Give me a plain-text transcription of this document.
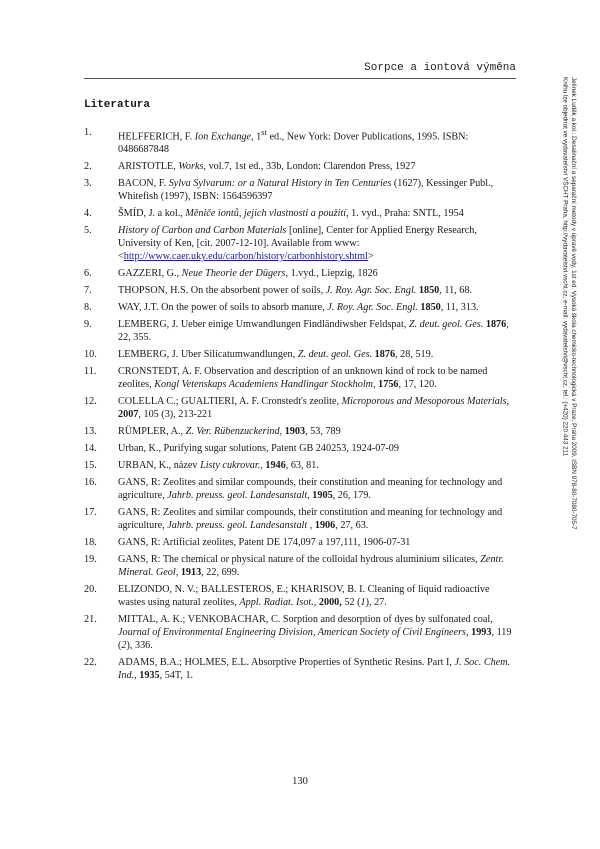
Sorpce a iontová výměna
Literatura
1.	HELFFERICH, F. Ion Exchange, 1st ed., New York: Dover Publications, 1995. ISBN: 0486687848
2.	ARISTOTLE, Works, vol.7, 1st ed., 33b, London: Clarendon Press, 1927
3.	BACON, F. Sylva Sylvarum: or a Natural History in Ten Centuries (1627), Kessinger Publ., Whitefish (1997), ISBN: 1564596397
4.	ŠMÍD, J. a kol., Měniče iontů, jejich vlastnosti a použití, 1. vyd., Praha: SNTL, 1954
5.	History of Carbon and Carbon Materials [online], Center for Applied Energy Research, University of Ken, [cit. 2007-12-10]. Available from www: <http://www.caer.uky.edu/carbon/history/carbonhistory.shtml>
6.	GAZZERI, G., Neue Theorie der Dügers, 1.vyd., Liepzig, 1826
7.	THOPSON, H.S. On the absorbent power of soils, J. Roy. Agr. Soc. Engl. 1850, 11, 68.
8.	WAY, J.T. On the power of soils to absorb manure, J. Roy. Agr. Soc. Engl. 1850, 11, 313.
9.	LEMBERG, J. Ueber einige Umwandlungen Findländiwsher Feldspat, Z. deut. geol. Ges. 1876, 22, 355.
10. LEMBERG, J. Uber Silicatumwandlungen, Z. deut. geol. Ges. 1876, 28, 519.
11. CRONSTEDT, A. F. Observation and description of an unknown kind of rock to be named zeolites, Kongl Vetenskaps Academiens Handlingar Stockholm, 1756, 17, 120.
12. COLELLA C.; GUALTIERI, A. F. Cronstedt's zeolite, Microporous and Mesoporous Materials, 2007, 105 (3), 213-221
13. RÜMPLER, A., Z. Ver. Rübenzuckerind, 1903, 53, 789
14. Urban, K., Purifying sugar solutions, Patent GB 240253, 1924-07-09
15. URBAN, K., název Listy cukrovar., 1946, 63, 81.
16. GANS, R: Zeolites and similar compounds, their constitution and meaning for technology and agriculture, Jahrb. preuss. geol. Landesanstalt, 1905, 26, 179.
17. GANS, R: Zeolites and similar compounds, their constitution and meaning for technology and agriculture, Jahrb. preuss. geol. Landesanstalt , 1906, 27, 63.
18. GANS, R: Artificial zeolites, Patent DE 174,097 a 197,111, 1906-07-31
19. GANS, R: The chemical or physical nature of the colloidal hydrous aluminium silicates, Zentr. Mineral. Geol, 1913, 22, 699.
20. ELIZONDO, N. V.; BALLESTEROS, E.; KHARISOV, B. I. Cleaning of liquid radioactive wastes using natural zeolites, Appl. Radiat. Isot., 2000, 52 (1), 27.
21. MITTAL, A. K.; VENKOBACHAR, C. Sorption and desorption of dyes by sulfonated coal, Journal of Environmental Engineering Division, American Society of Civil Engineers, 1993, 119 (2), 336.
22. ADAMS, B.A.; HOLMES, E.L. Absorptive Properties of Synthetic Resins. Part I, J. Soc. Chem. Ind., 1935, 54T, 1.
130
Jelínek Luděk a kol.: Desalinační a separační metody v úpravě vody, 1st ed. Vysoká škola chemicko-technologická v Praze, Praha 2009, ISBN 978-80-7080-705-7
Knihu lze objednat ve vydavatelství VŠCHT Praha, http://vydavatelstvi.vscht.cz, e-mail: vydavatelstvi@vscht.cz, tel.: (+420) 220 443 211
